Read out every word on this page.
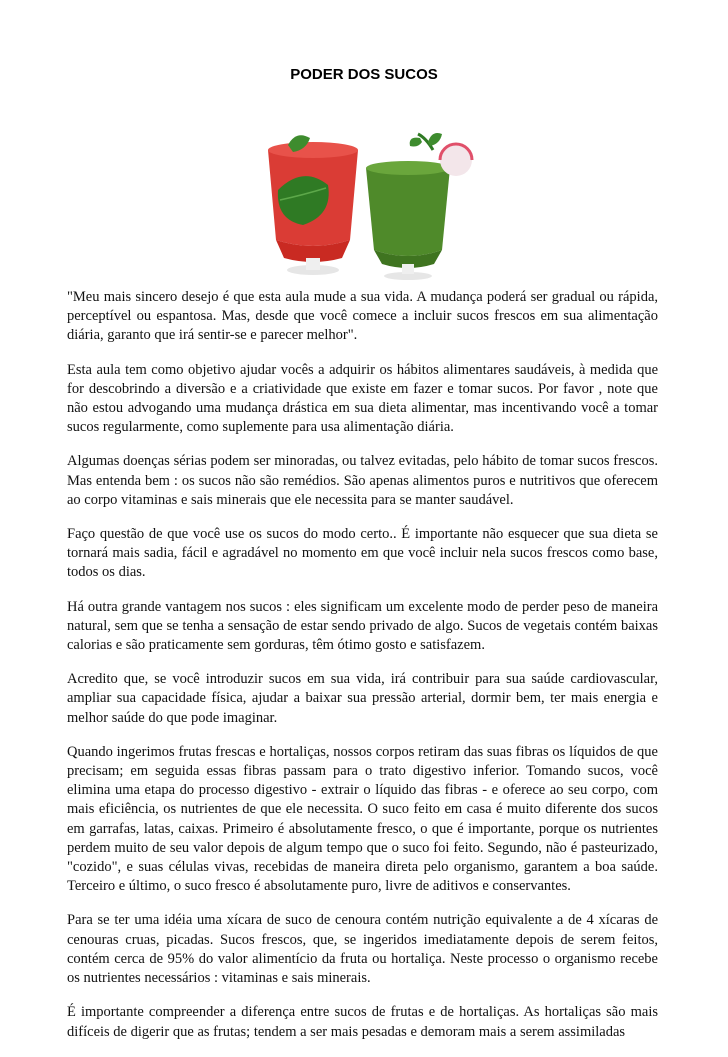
PODER DOS SUCOS

"Meu mais sincero desejo é que esta aula mude a sua vida. A mudança poderá ser gradual ou rápida, perceptível ou espantosa. Mas, desde que você comece a incluir sucos frescos em sua alimentação diária, garanto que irá sentir-se e parecer melhor".

Esta aula tem como objetivo ajudar vocês a adquirir os hábitos alimentares saudáveis, à medida que for descobrindo a diversão e a criatividade que existe em fazer e tomar sucos. Por favor , note que não estou advogando uma mudança drástica em sua dieta alimentar, mas incentivando você a tomar sucos regularmente, como suplemente para usa alimentação diária.

Algumas doenças sérias podem ser minoradas, ou talvez evitadas, pelo hábito de tomar sucos frescos. Mas entenda bem : os sucos não são remédios. São apenas alimentos puros e nutritivos que oferecem ao corpo vitaminas e sais minerais que ele necessita para se manter saudável.

Faço questão de que você use os sucos do modo certo.. É importante não esquecer que sua dieta se tornará mais sadia, fácil e agradável no momento em que você incluir nela sucos frescos como base, todos os dias.

Há outra grande vantagem nos sucos : eles significam um excelente modo de perder peso de maneira natural, sem que se tenha a sensação de estar sendo privado de algo. Sucos de vegetais contém baixas calorias e são praticamente sem gorduras, têm ótimo gosto e satisfazem.

Acredito que, se você introduzir sucos em sua vida, irá contribuir para sua saúde cardiovascular, ampliar sua capacidade física, ajudar a baixar sua pressão arterial, dormir bem, ter mais energia e melhor saúde do que pode imaginar.

Quando ingerimos frutas frescas e hortaliças, nossos corpos retiram das suas fibras os líquidos de que precisam; em seguida essas fibras passam para o trato digestivo inferior. Tomando sucos, você elimina uma etapa do processo digestivo - extrair o líquido das fibras - e oferece ao seu corpo, com mais eficiência, os nutrientes de que ele necessita. O suco feito em casa é muito diferente dos sucos em garrafas, latas, caixas. Primeiro é absolutamente fresco, o que é importante, porque os nutrientes perdem muito de seu valor depois de algum tempo que o suco foi feito. Segundo, não é pasteurizado, "cozido", e suas células vivas, recebidas de maneira direta pelo organismo, garantem a boa saúde. Terceiro e último, o suco fresco é absolutamente puro, livre de aditivos e conservantes.

Para se ter uma idéia uma xícara de suco de cenoura contém nutrição equivalente a de 4 xícaras de cenouras cruas, picadas. Sucos frescos, que, se ingeridos imediatamente depois de serem feitos, contém cerca de 95% do valor alimentício da fruta ou hortaliça. Neste processo o organismo recebe os nutrientes necessários : vitaminas e sais minerais.

É importante compreender a diferença entre sucos de frutas e de hortaliças. As hortaliças são mais difíceis de digerir que as frutas; tendem a ser mais pesadas e demoram mais a serem assimiladas
